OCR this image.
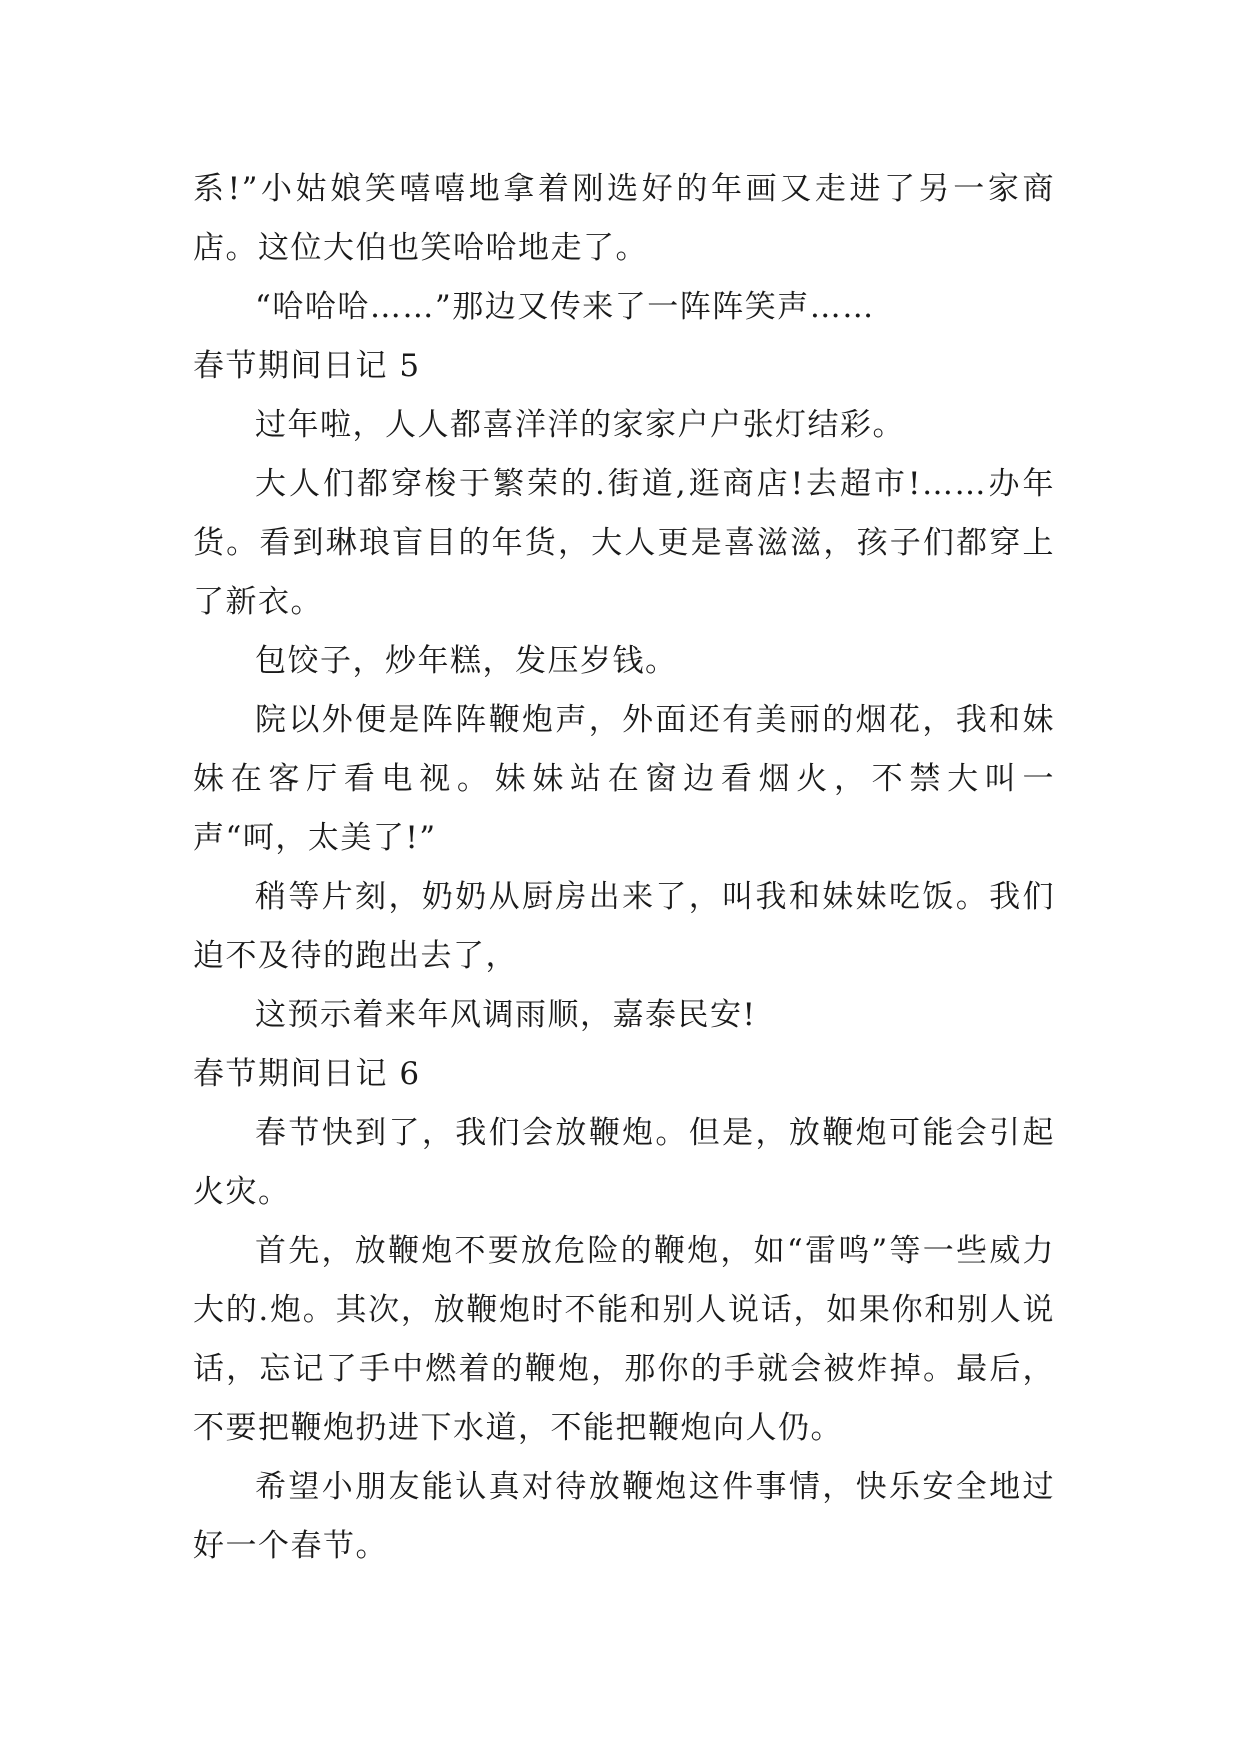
系!”小姑娘笑嘻嘻地拿着刚选好的年画又走进了另一家商店。这位大伯也笑哈哈地走了。

“哈哈哈……”那边又传来了一阵阵笑声……

春节期间日记 5

过年啦，人人都喜洋洋的家家户户张灯结彩。

大人们都穿梭于繁荣的.街道,逛商店!去超市!……办年货。看到琳琅盲目的年货，大人更是喜滋滋，孩子们都穿上了新衣。

包饺子，炒年糕，发压岁钱。

院以外便是阵阵鞭炮声，外面还有美丽的烟花，我和妹妹在客厅看电视。妹妹站在窗边看烟火，不禁大叫一声“呵，太美了!”

稍等片刻，奶奶从厨房出来了，叫我和妹妹吃饭。我们迫不及待的跑出去了，

这预示着来年风调雨顺，嘉泰民安!

春节期间日记 6

春节快到了，我们会放鞭炮。但是，放鞭炮可能会引起火灾。

首先，放鞭炮不要放危险的鞭炮，如“雷鸣”等一些威力大的.炮。其次，放鞭炮时不能和别人说话，如果你和别人说话，忘记了手中燃着的鞭炮，那你的手就会被炸掉。最后，不要把鞭炮扔进下水道，不能把鞭炮向人仍。

希望小朋友能认真对待放鞭炮这件事情，快乐安全地过好一个春节。
